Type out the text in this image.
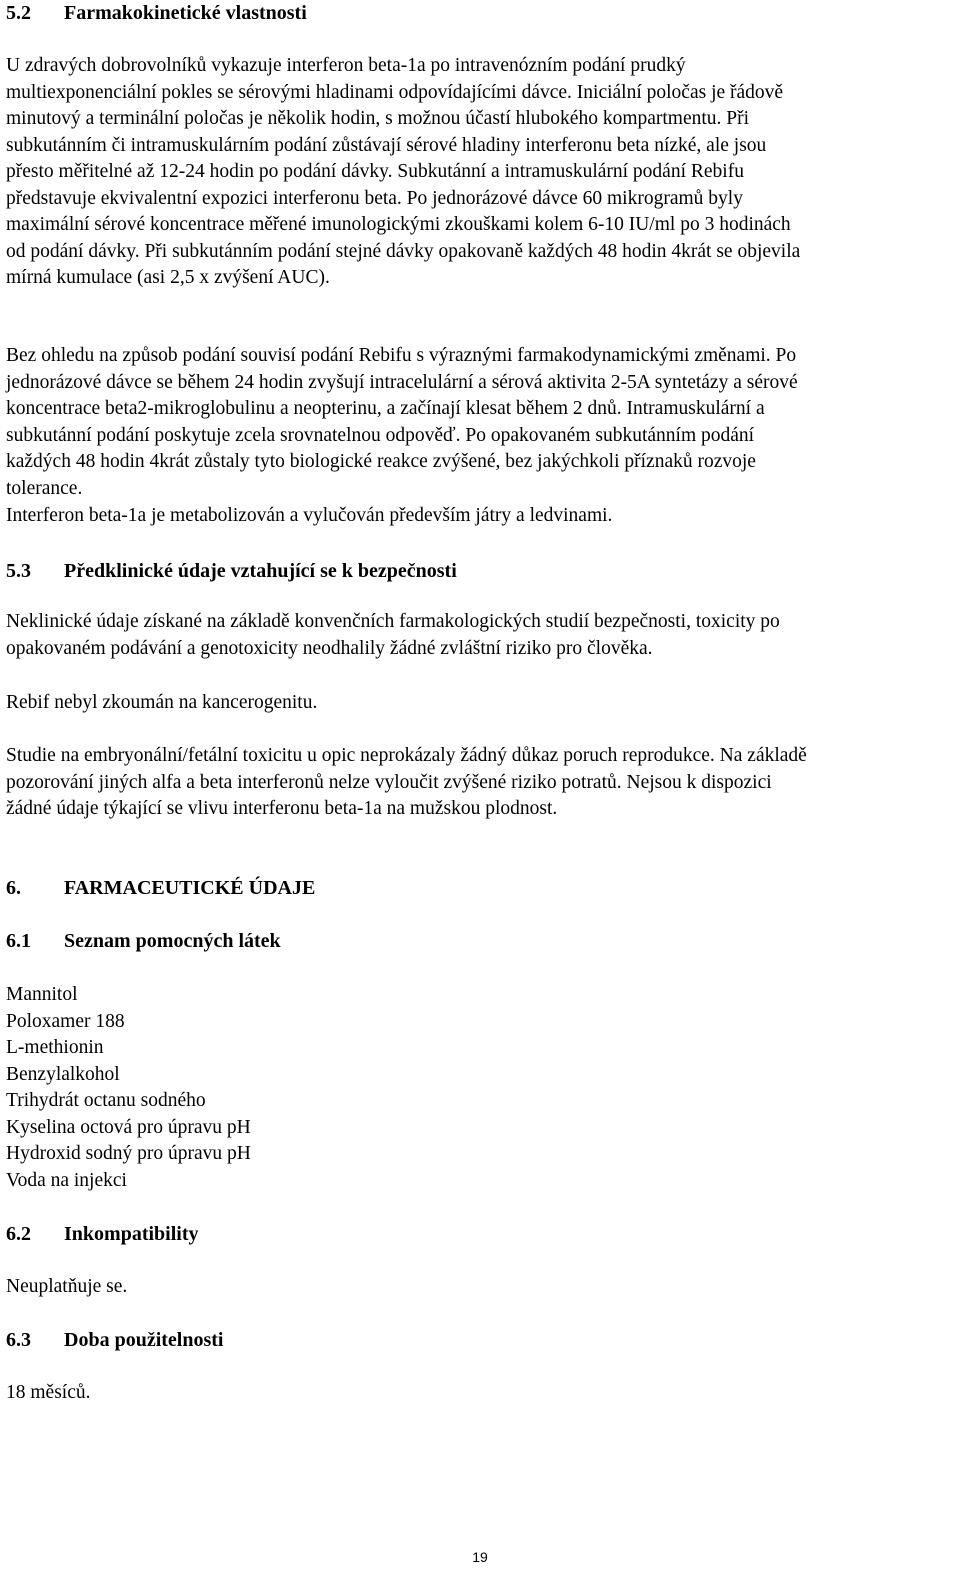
5.2 Farmakokinetické vlastnosti
U zdravých dobrovolníků vykazuje interferon beta-1a po intravenózním podání prudký
multiexponenciální pokles se sérovými hladinami odpovídajícími dávce. Iniciální poločas je řádově
minutový a terminální poločas je několik hodin, s možnou účastí hlubokého kompartmentu. Při
subkutánním či intramuskulárním podání zůstávají sérové hladiny interferonu beta nízké, ale jsou
přesto měřitelné až 12-24 hodin po podání dávky. Subkutánní a intramuskulární podání Rebifu
představuje ekvivalentní expozici interferonu beta. Po jednorázové dávce 60 mikrogramů byly
maximální sérové koncentrace měřené imunologickými zkouškami kolem 6-10 IU/ml po 3 hodinách
od podání dávky. Při subkutánním podání stejné dávky opakovaně každých 48 hodin 4krát se objevila
mírná kumulace (asi 2,5 x zvýšení AUC).
Bez ohledu na způsob podání souvisí podání Rebifu s výraznými farmakodynamickými změnami. Po
jednorázové dávce se během 24 hodin zvyšují intracelulární a sérová aktivita 2-5A syntetázy a sérové
koncentrace beta2-mikroglobulinu a neopterinu, a začínají klesat během 2 dnů. Intramuskulární a
subkutánní podání poskytuje zcela srovnatelnou odpověď. Po opakovaném subkutánním podání
každých 48 hodin 4krát zůstaly tyto biologické reakce zvýšené, bez jakýchkoli příznaků rozvoje
tolerance.
Interferon beta-1a je metabolizován a vylučován především játry a ledvinami.
5.3 Předklinické údaje vztahující se k bezpečnosti
Neklinické údaje získané na základě konvenčních farmakologických studií bezpečnosti, toxicity po
opakovaném podávání a genotoxicity neodhalily žádné zvláštní riziko pro člověka.
Rebif nebyl zkoumán na kancerogenitu.
Studie na embryonální/fetální toxicitu u opic neprokázaly žádný důkaz poruch reprodukce. Na základě
pozorování jiných alfa a beta interferonů nelze vyloučit zvýšené riziko potratů. Nejsou k dispozici
žádné údaje týkající se vlivu interferonu beta-1a na mužskou plodnost.
6. FARMACEUTICKÉ ÚDAJE
6.1 Seznam pomocných látek
Mannitol
Poloxamer 188
L-methionin
Benzylalkohol
Trihydrát octanu sodného
Kyselina octová pro úpravu pH
Hydroxid sodný pro úpravu pH
Voda na injekci
6.2 Inkompatibility
Neuplatňuje se.
6.3 Doba použitelnosti
18 měsíců.
19
